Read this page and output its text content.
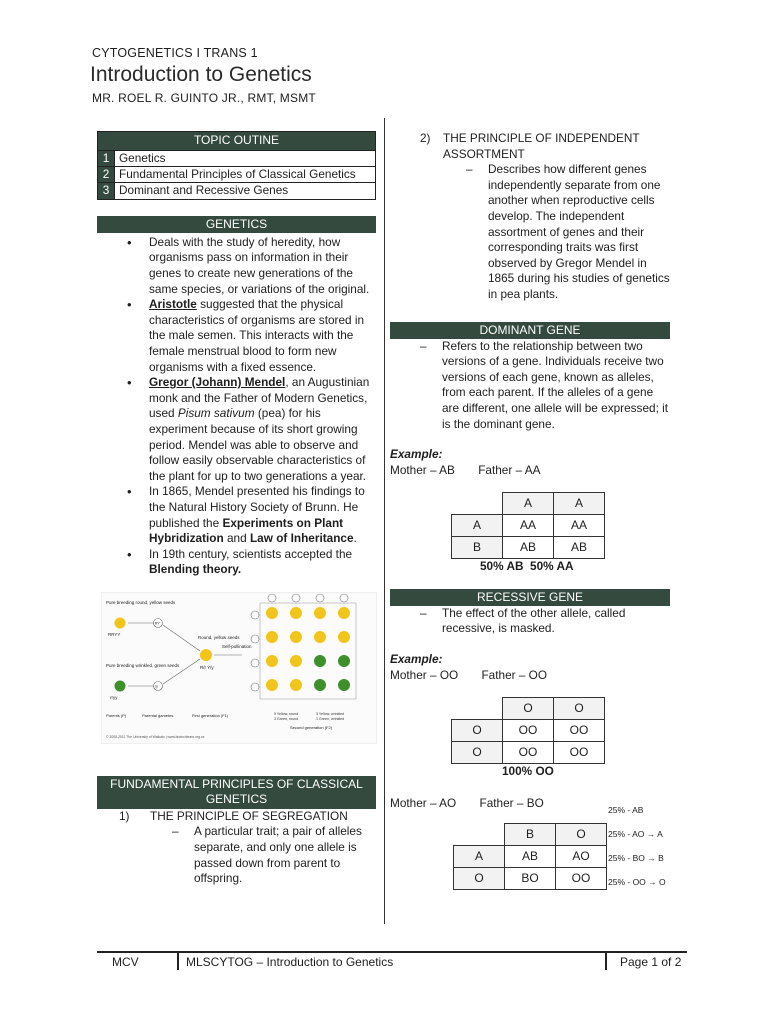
CYTOGENETICS I TRANS 1
Introduction to Genetics
MR. ROEL R. GUINTO JR., RMT, MSMT
TOPIC OUTINE	
1	Genetics
2	Fundamental Principles of Classical Genetics
3	Dominant and Recessive Genes
GENETICS
• Deals with the study of heredity, how organisms pass on information in their genes to create new generations of the same species, or variations of the original.
• Aristotle suggested that the physical characteristics of organisms are stored in the male semen. This interacts with the female menstrual blood to form new organisms with a fixed essence.
• Gregor (Johann) Mendel, an Augustinian monk and the Father of Modern Genetics, used Pisum sativum (pea) for his experiment because of its short growing period. Mendel was able to observe and follow easily observable characteristics of the plant for up to two generations a year.
• In 1865, Mendel presented his findings to the Natural History Society of Brunn. He published the Experiments on Plant Hybridization and Law of Inheritance.
• In 19th century, scientists accepted the Blending theory.
Pure breeding round, yellow seeds
RRYY
RY
Pure breeding wrinkled, green seeds
rryy
ry
Round, yellow seeds
R/r Y/y
Self-pollination
Parents (P)	Parental gametes	First generation (F1)	9 Yellow, round
3 Green, round
3 Yellow, wrinkled
1 Green, wrinkled
Second generation (F2)
© 2008-2011 The University of Waikato | www.biotechlearn.org.nz
FUNDAMENTAL PRINCIPLES OF CLASSICAL GENETICS
1) THE PRINCIPLE OF SEGREGATION
– A particular trait; a pair of alleles separate, and only one allele is passed down from parent to offspring.
2) THE PRINCIPLE OF INDEPENDENT ASSORTMENT
– Describes how different genes independently separate from one another when reproductive cells develop. The independent assortment of genes and their corresponding traits was first observed by Gregor Mendel in 1865 during his studies of genetics in pea plants.
DOMINANT GENE
– Refers to the relationship between two versions of a gene. Individuals receive two versions of each gene, known as alleles, from each parent. If the alleles of a gene are different, one allele will be expressed; it is the dominant gene.
Example:
Mother – AB Father – AA
	A	A
A	AA	AA
B	AB	AB
50% AB  50% AA
RECESSIVE GENE
– The effect of the other allele, called recessive, is masked.
Example:
Mother – OO Father – OO
	O	O
O	OO	OO
O	OO	OO
100% OO
Mother – AO Father – BO
	B	O
A	AB	AO
O	BO	OO
25% - AB
25% - AO → A
25% - BO → B
25% - OO → O
MCV	MLSCYTOG – Introduction to Genetics	Page 1 of 2
